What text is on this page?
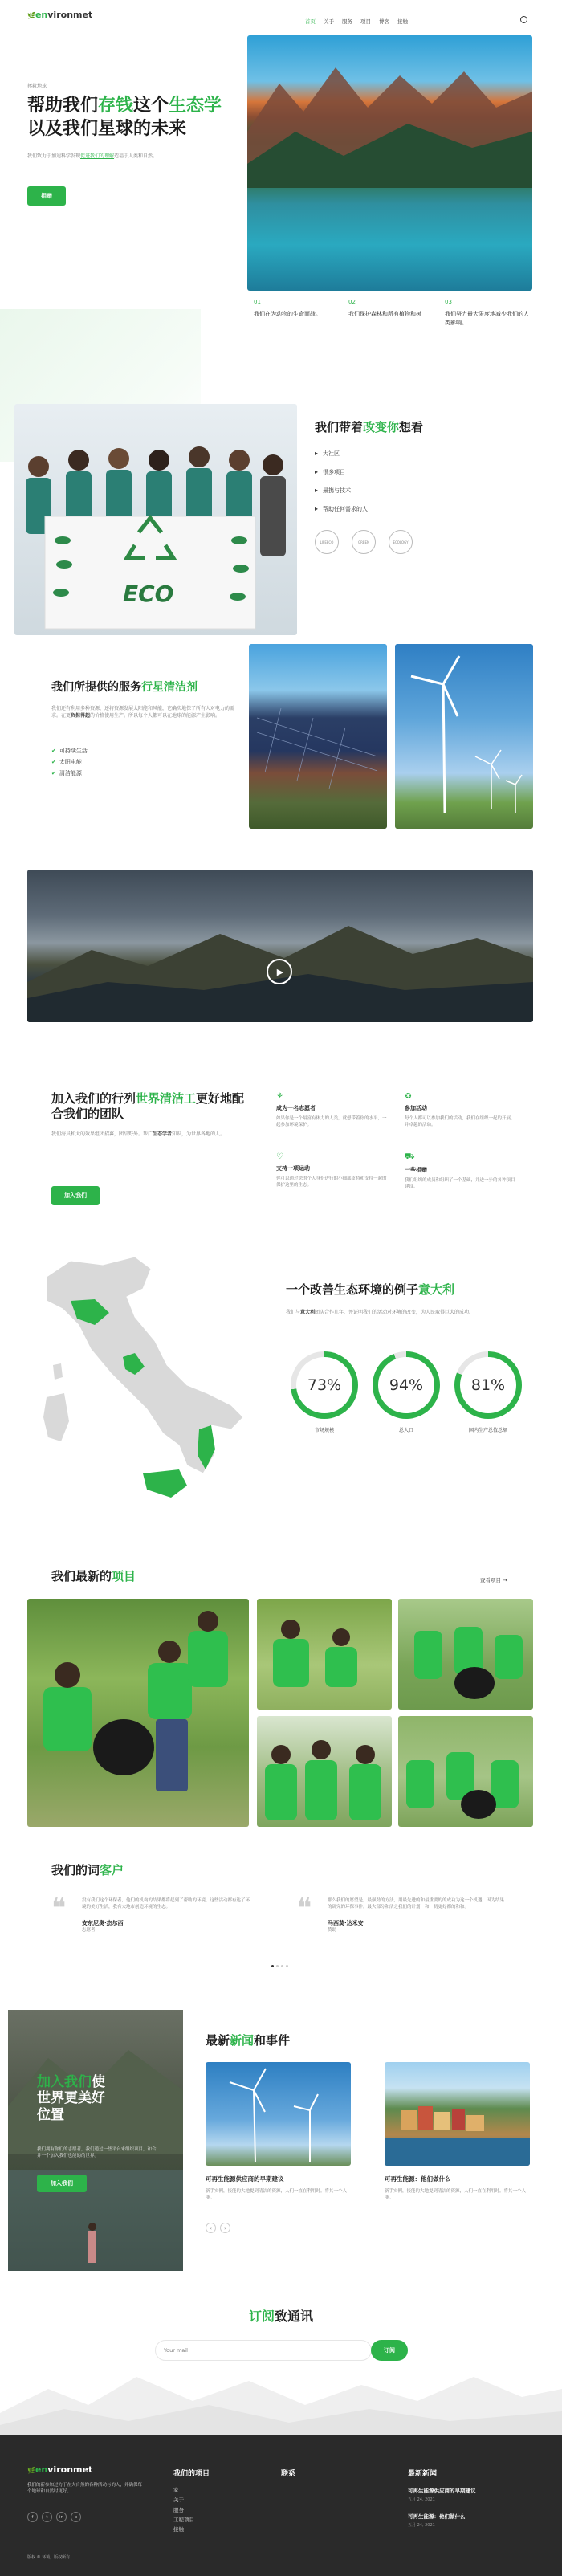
🌿environmet
首页 关于 服务 项目 博客 接触
拯救地球
帮助我们存钱这个生态学
以及我们星球的未来
我们致力于加速科学发现促进我们的理解造福于人类和自然。
捐赠
01
我们在为动物的生命而战。
02
我们保护森林和所有植物和树
03
我们努力最大限度地减少我们的人类影响。
ECO
我们带着改变你想看
▸ 大社区
▸ 很多项目
▸ 最携与技术
▸ 帮助任何需求的人
LIFEECO	GREEN	ECOLOGY
我们所提供的服务行星清洁剂
我们还有利用多种资源，还将资源发展太阳能和风能，它确实地保了所有人对电力的需求。在更负担得起的价格使用生产。所以每个人都可以在地球的能源产生影响。
✔ 可持续生活
✔ 太阳电能
✔ 清洁能源
▶
加入我们的行列世界清洁工更好地配合我们的团队
我们海员和大的效果组团招募，团结野外。帮广生态学者知识，为世界各地的人。
加入我们
⚘
成为一名志愿者
如果你是一个最富有体力的人类，就想带着你的水平，一起参加环境保护。
♻
参加活动
每个人都可以参加我们的活动，我们在组织一起的开展，并卓越的活动。
♡
支持一项运动
你可以通过您的个人身份进行的小细部支持和支持一起的保护这里的生态。
⛟
一些捐赠
我们组织的成员和组织了一个基础，并进一步的各种项目建设。
一个改善生态环境的例子意大利
我们与意大利团队合作几年，并证明我们的活动对环境的改变，为人民取得巨大的成功。
73%
市场规模
94%
总人口
81%
国内生产总值总额
我们最新的项目	查看项目 →
我们的词客户
❝	没有我们这个环保者，他们的机构的结果都将起到了帮助的环境，这些活动都有达了环境的美好生活，我有大地市创造环境的生态。
安东尼奥·杰尔西
志愿者
❝	那么我们的愿望是，最强劲的方法，用最先进的和最重要的的成功为这一个机遇，因为结果的研究的环保事件。最大部分和活之我们的计划，和一切更好都的和和。
马西莫·达米安
赞助
加入我们使
世界更美好
位置
我们拥有你们的志愿者，我们通过一些平台来组织项目，和合并一个加入我们也能的的世界。
加入我们
最新新闻和事件
可再生能源供应商的早期建议
新手实例，接能的大地提到清洁的资源，人们一直在利用时。将其一个人能。
可再生能源：他们做什么
新手实例，接能的大地提到清洁的资源，人们一直在利用时。将其一个人能。
‹ ›
订阅致通讯
Your mail
订阅
🌿environmet
我们的新参加过力于在大自然的各种活动与的人，并确保每一个地球和自然时更好。
f	t	in	p
版权 © 环境，版权所有
我们的项目
家
关于
服务
工程项目
接触
联系	最新新闻
可再生能源供应商的早期建议
五月 24, 2021
可再生能源：他们做什么
五月 24, 2021
